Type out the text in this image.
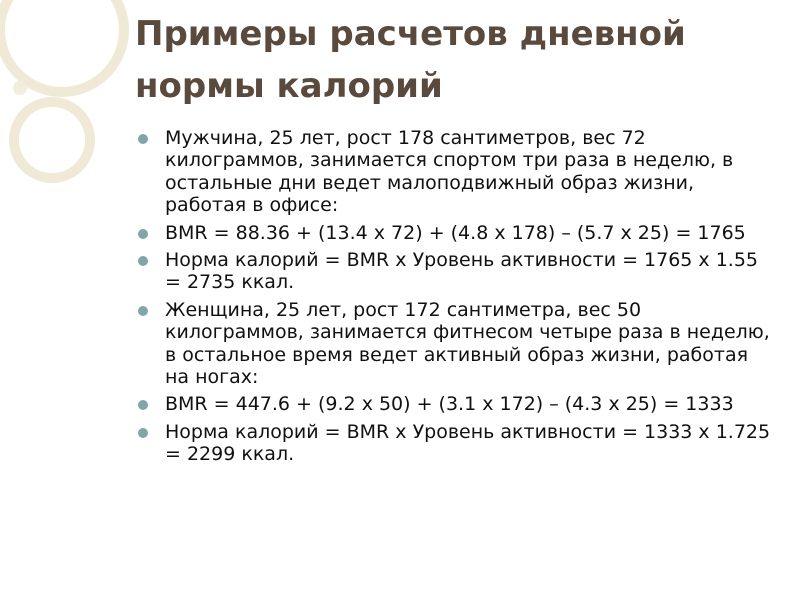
Примеры расчетов дневной нормы калорий
Мужчина, 25 лет, рост 178 сантиметров, вес 72 килограммов, занимается спортом три раза в неделю, в остальные дни ведет малоподвижный образ жизни, работая в офисе:
BMR = 88.36 + (13.4 x 72) + (4.8 x 178) – (5.7 x 25) = 1765
Норма калорий = BMR x Уровень активности = 1765 x 1.55 = 2735 ккал.
Женщина, 25 лет, рост 172 сантиметра, вес 50 килограммов, занимается фитнесом четыре раза в неделю, в остальное время ведет активный образ жизни, работая на ногах:
BMR = 447.6 + (9.2 x 50) + (3.1 x 172) – (4.3 x 25) = 1333
Норма калорий = BMR x Уровень активности = 1333 x 1.725 = 2299 ккал.
